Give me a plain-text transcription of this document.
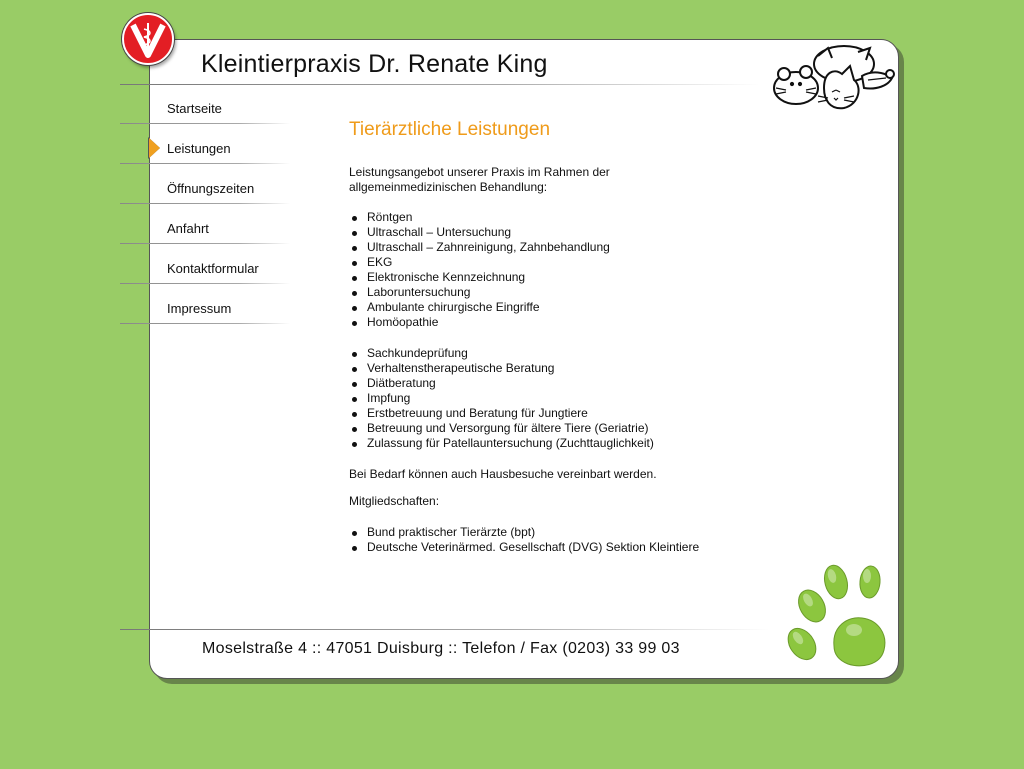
Kleintierpraxis Dr. Renate King
Startseite
Leistungen
Öffnungszeiten
Anfahrt
Kontaktformular
Impressum
Tierärztliche Leistungen

Leistungsangebot unserer Praxis im Rahmen der allgemeinmedizinischen Behandlung:

Röntgen
Ultraschall – Untersuchung
Ultraschall – Zahnreinigung, Zahnbehandlung
EKG
Elektronische Kennzeichnung
Laboruntersuchung
Ambulante chirurgische Eingriffe
Homöopathie
Sachkundeprüfung
Verhaltenstherapeutische Beratung
Diätberatung
Impfung
Erstbetreuung und Beratung für Jungtiere
Betreuung und Versorgung für ältere Tiere (Geriatrie)
Zulassung für Patellauntersuchung (Zuchttauglichkeit)

Bei Bedarf können auch Hausbesuche vereinbart werden.

Mitgliedschaften:

Bund praktischer Tierärzte (bpt)
Deutsche Veterinärmed. Gesellschaft (DVG) Sektion Kleintiere
Moselstraße 4 :: 47051 Duisburg :: Telefon / Fax (0203) 33 99 03
